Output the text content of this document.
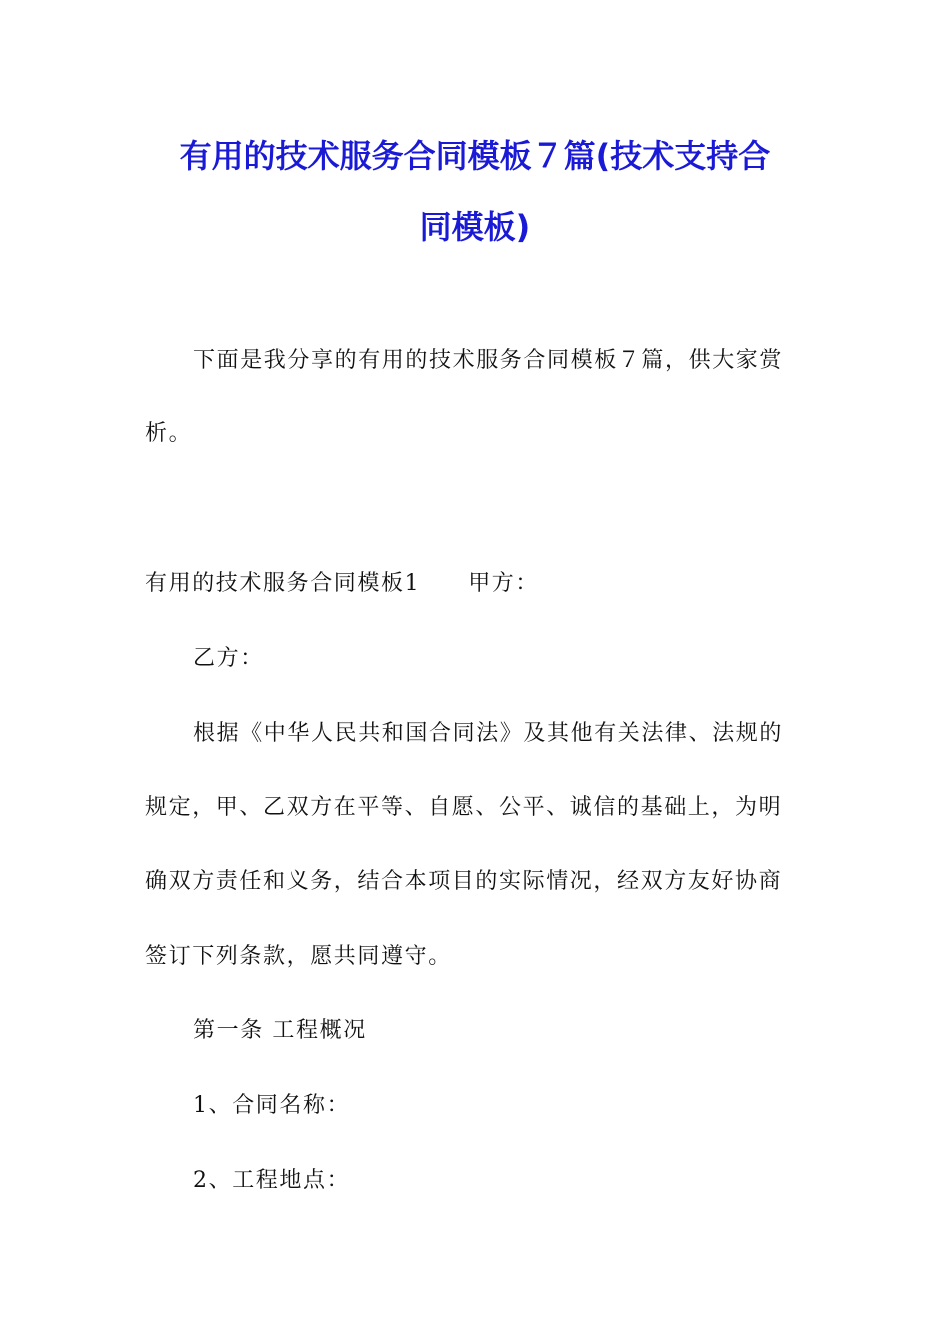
有用的技术服务合同模板７篇(技术支持合
同模板)
下面是我分享的有用的技术服务合同模板７篇，供大家赏
析。
有用的技术服务合同模板1 甲方：
乙方：
根据《中华人民共和国合同法》及其他有关法律、法规的
规定，甲、乙双方在平等、自愿、公平、诚信的基础上，为明
确双方责任和义务，结合本项目的实际情况，经双方友好协商
签订下列条款，愿共同遵守。
第一条 工程概况
1、合同名称：
2、工程地点：
